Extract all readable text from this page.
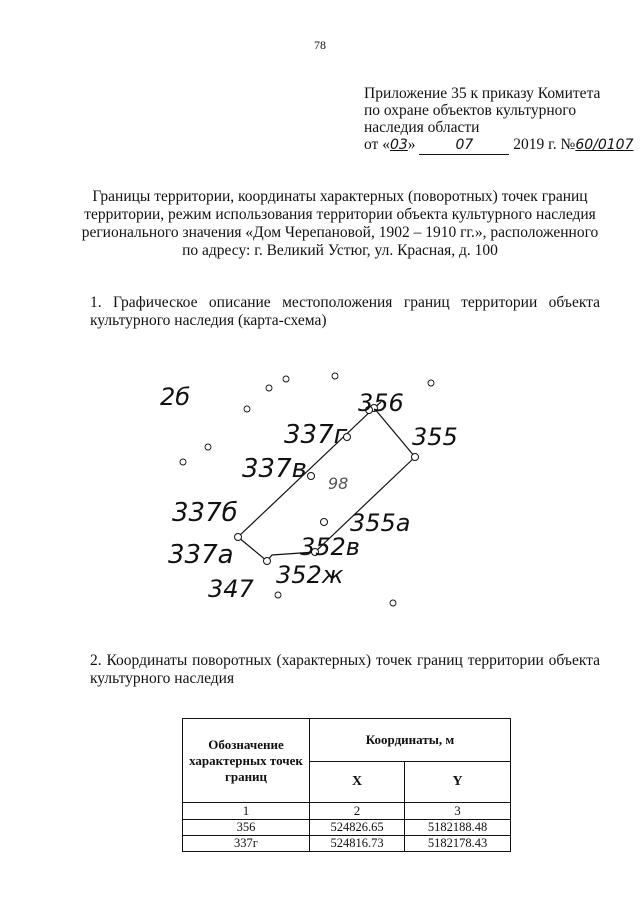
78
Приложение 35 к приказу Комитета
по охране объектов культурного
наследия области
от «03»	07	2019 г. №60/0107
Границы территории, координаты характерных (поворотных) точек границ территории, режим использования территории объекта культурного наследия регионального значения «Дом Черепановой, 1902 – 1910 гг.», расположенного по адресу: г. Великий Устюг, ул. Красная, д. 100
1. Графическое описание местоположения границ территории объекта культурного наследия (карта-схема)
2б	356
355
337г
337в 98
337б	355а
352в
337а
347 352ж
2. Координаты поворотных (характерных) точек границ территории объекта культурного наследия
Обозначение характерных точек границ	Координаты, м	
	X	Y
1	2	3
356	524826.65	5182188.48
337г	524816.73	5182178.43
